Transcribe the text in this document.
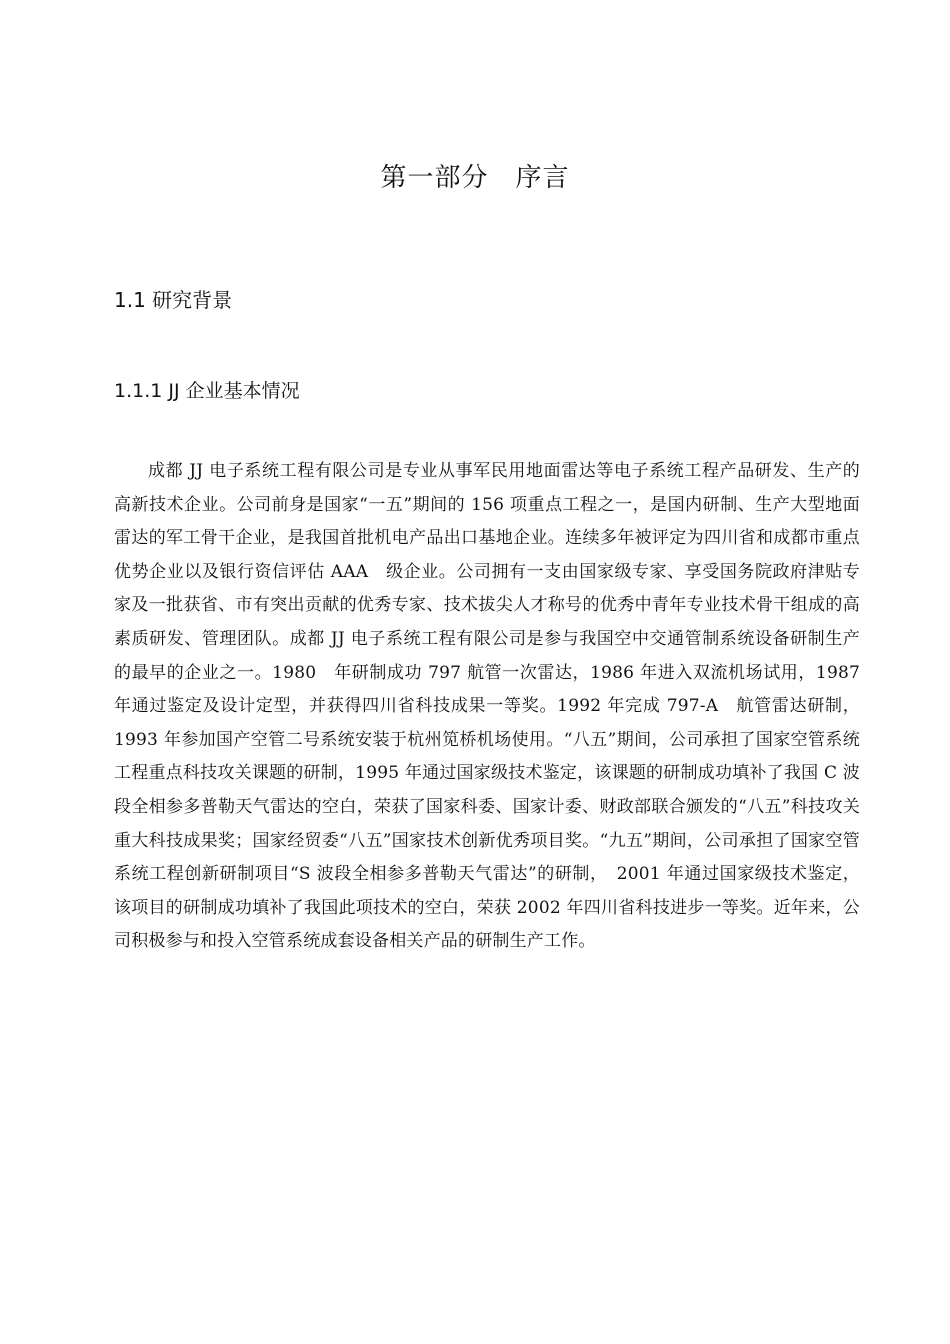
第一部分　序言
1.1 研究背景
1.1.1 JJ 企业基本情况

成都 JJ 电子系统工程有限公司是专业从事军民用地面雷达等电子系统工程产品研发、生产的高新技术企业。公司前身是国家“一五”期间的 156 项重点工程之一，是国内研制、生产大型地面雷达的军工骨干企业，是我国首批机电产品出口基地企业。连续多年被评定为四川省和成都市重点优势企业以及银行资信评估 AAA　级企业。公司拥有一支由国家级专家、享受国务院政府津贴专家及一批获省、市有突出贡献的优秀专家、技术拔尖人才称号的优秀中青年专业技术骨干组成的高素质研发、管理团队。成都 JJ 电子系统工程有限公司是参与我国空中交通管制系统设备研制生产的最早的企业之一。1980　年研制成功 797 航管一次雷达，1986 年进入双流机场试用，1987 年通过鉴定及设计定型，并获得四川省科技成果一等奖。1992 年完成 797-A　航管雷达研制，1993 年参加国产空管二号系统安装于杭州笕桥机场使用。“八五”期间，公司承担了国家空管系统工程重点科技攻关课题的研制，1995 年通过国家级技术鉴定，该课题的研制成功填补了我国 C 波段全相参多普勒天气雷达的空白，荣获了国家科委、国家计委、财政部联合颁发的“八五”科技攻关重大科技成果奖；国家经贸委“八五”国家技术创新优秀项目奖。“九五”期间，公司承担了国家空管系统工程创新研制项目“S 波段全相参多普勒天气雷达”的研制，　2001 年通过国家级技术鉴定，该项目的研制成功填补了我国此项技术的空白，荣获 2002 年四川省科技进步一等奖。近年来，公司积极参与和投入空管系统成套设备相关产品的研制生产工作。
